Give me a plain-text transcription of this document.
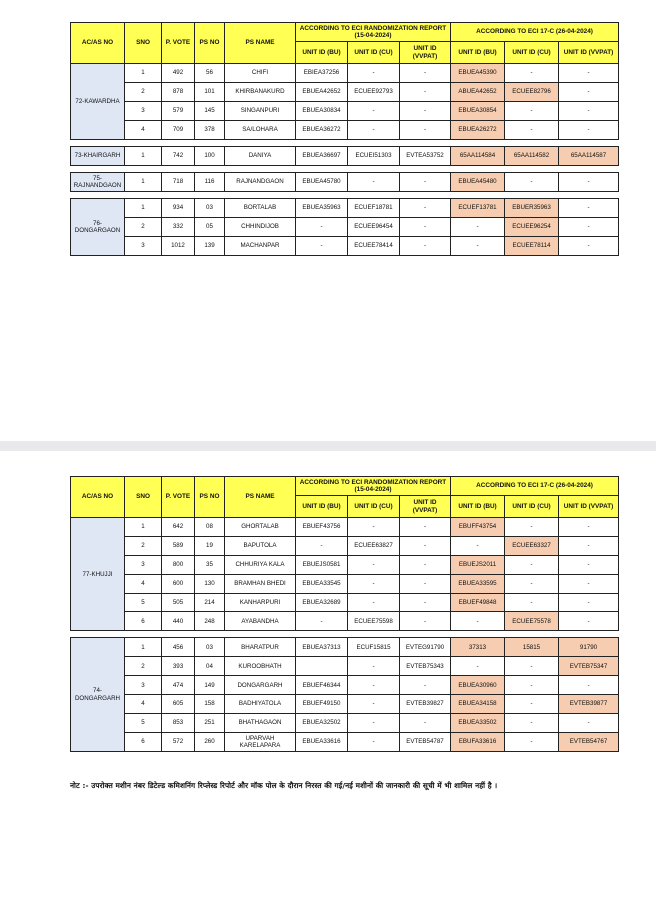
AC/AS NO	SNO	P. VOTE	PS NO	PS NAME	ACCORDING TO ECI RANDOMIZATION REPORT (15-04-2024)			ACCORDING TO ECI 17-C (26-04-2024)		
					UNIT ID (BU)	UNIT ID (CU)	UNIT ID (VVPAT)	UNIT ID (BU)	UNIT ID (CU)	UNIT ID (VVPAT)
72-KAWARDHA	1	492	56	CHIFI	EBIEA37256	-	-	EBUEA45390	-	-
	2	878	101	KHIRBANAKURD	EBUEA42652	ECUEE92793	-	ABUEA42652	ECUEE82796	-
	3	579	145	SINGANPURI	EBUEA30834	-	-	EBUEA30854	-	-
	4	709	378	SA/LOHARA	EBUEA36272	-	-	EBUEA26272	-	-

73-KHAIRGARH	1	742	100	DANIYA	EBUEA36697	ECUEI51303	EVTEA53752	65AA114584	65AA114582	65AA114587

75-RAJNANDGAON	1	718	116	RAJNANDGAON	EBUEA45780	-	-	EBUEA45480	-	-

76-DONGARGAON	1	934	03	BORTALAB	EBUEA35963	ECUEF18781	-	ECUEF13781	EBUER35963	-
	2	332	05	CHHINDIJOB	-	ECUEE96454	-	-	ECUEE96254	-
	3	1012	139	MACHANPAR	-	ECUEE78414	-	-	ECUEE78114	-
AC/AS NO	SNO	P. VOTE	PS NO	PS NAME	ACCORDING TO ECI RANDOMIZATION REPORT (15-04-2024)			ACCORDING TO ECI 17-C (26-04-2024)		
					UNIT ID (BU)	UNIT ID (CU)	UNIT ID (VVPAT)	UNIT ID (BU)	UNIT ID (CU)	UNIT ID (VVPAT)
77-KHUJJI	1	642	08	GHORTALAB	EBUEF43756	-	-	EBUFF43754	-	-
	2	589	19	BAPUTOLA	-	ECUEE63827	-	-	ECUEE63327	-
	3	800	35	CHHURIYA KALA	EBUEJS0581	-	-	EBUEJS2011	-	-
	4	600	130	BRAMHAN BHEDI	EBUEA33545	-	-	EBUEA33595	-	-
	5	505	214	KANHARPURI	EBUEA32689	-	-	EBUEF49848	-	-
	6	440	248	AYABANDHA	-	ECUEE75598	-	-	ECUEE75578	-

74-DONGARGARH	1	456	03	BHARATPUR	EBUEA37313	ECUF15815	EVTEG91790	37313	15815	91790
	2	393	04	KUROOBHATH		-	EVTEB75343	-	-	EVTEB75347
	3	474	149	DONGARGARH	EBUEF46344	-	-	EBUEA30960	-	-
	4	605	158	BADHIYATOLA	EBUEF49150	-	EVTEB39827	EBUEA34158	-	EVTEB39877
	5	853	251	BHATHAGAON	EBUEA32502	-	-	EBUEA33502	-	-
	6	572	260	UPARVAH KARELAPARA	EBUEA33616	-	EVTEB54787	EBUFA33616	-	EVTEB54767
नोट :- उपरोक्त मशीन नंबर डिटेल्ड कमिशनिंग रिप्लेस्ड रिपोर्ट और मॉक पोल के दौरान निरस्त की गई/नई मशीनों की जानकारी की सूची में भी शामिल नहीं है ।
